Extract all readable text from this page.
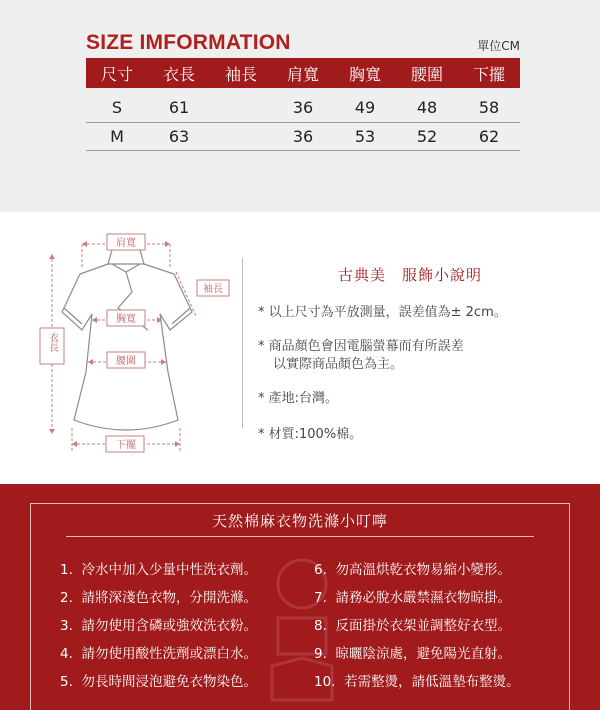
SIZE IMFORMATION	單位CM
尺寸	衣長	袖長	肩寬	胸寬	腰圍	下擺
S	61		36	49	48	58
M	63		36	53	52	62
肩寬
袖長
胸寬
腰圍
下擺
衣長
古典美　服飾小說明
* 以上尺寸為平放測量，誤差值為± 2cm。
* 商品顏色會因電腦螢幕而有所誤差
以實際商品顏色為主。
* 產地:台灣。
* 材質:100%棉。
天然棉麻衣物洗滌小叮嚀
1. 冷水中加入少量中性洗衣劑。
2. 請將深淺色衣物，分開洗滌。
3. 請勿使用含磷或強效洗衣粉。
4. 請勿使用酸性洗劑或漂白水。
5. 勿長時間浸泡避免衣物染色。
6. 勿高溫烘乾衣物易縮小變形。
7. 請務必脫水嚴禁濕衣物晾掛。
8. 反面掛於衣架並調整好衣型。
9. 晾曬陰涼處，避免陽光直射。
10. 若需整燙，請低溫墊布整燙。
